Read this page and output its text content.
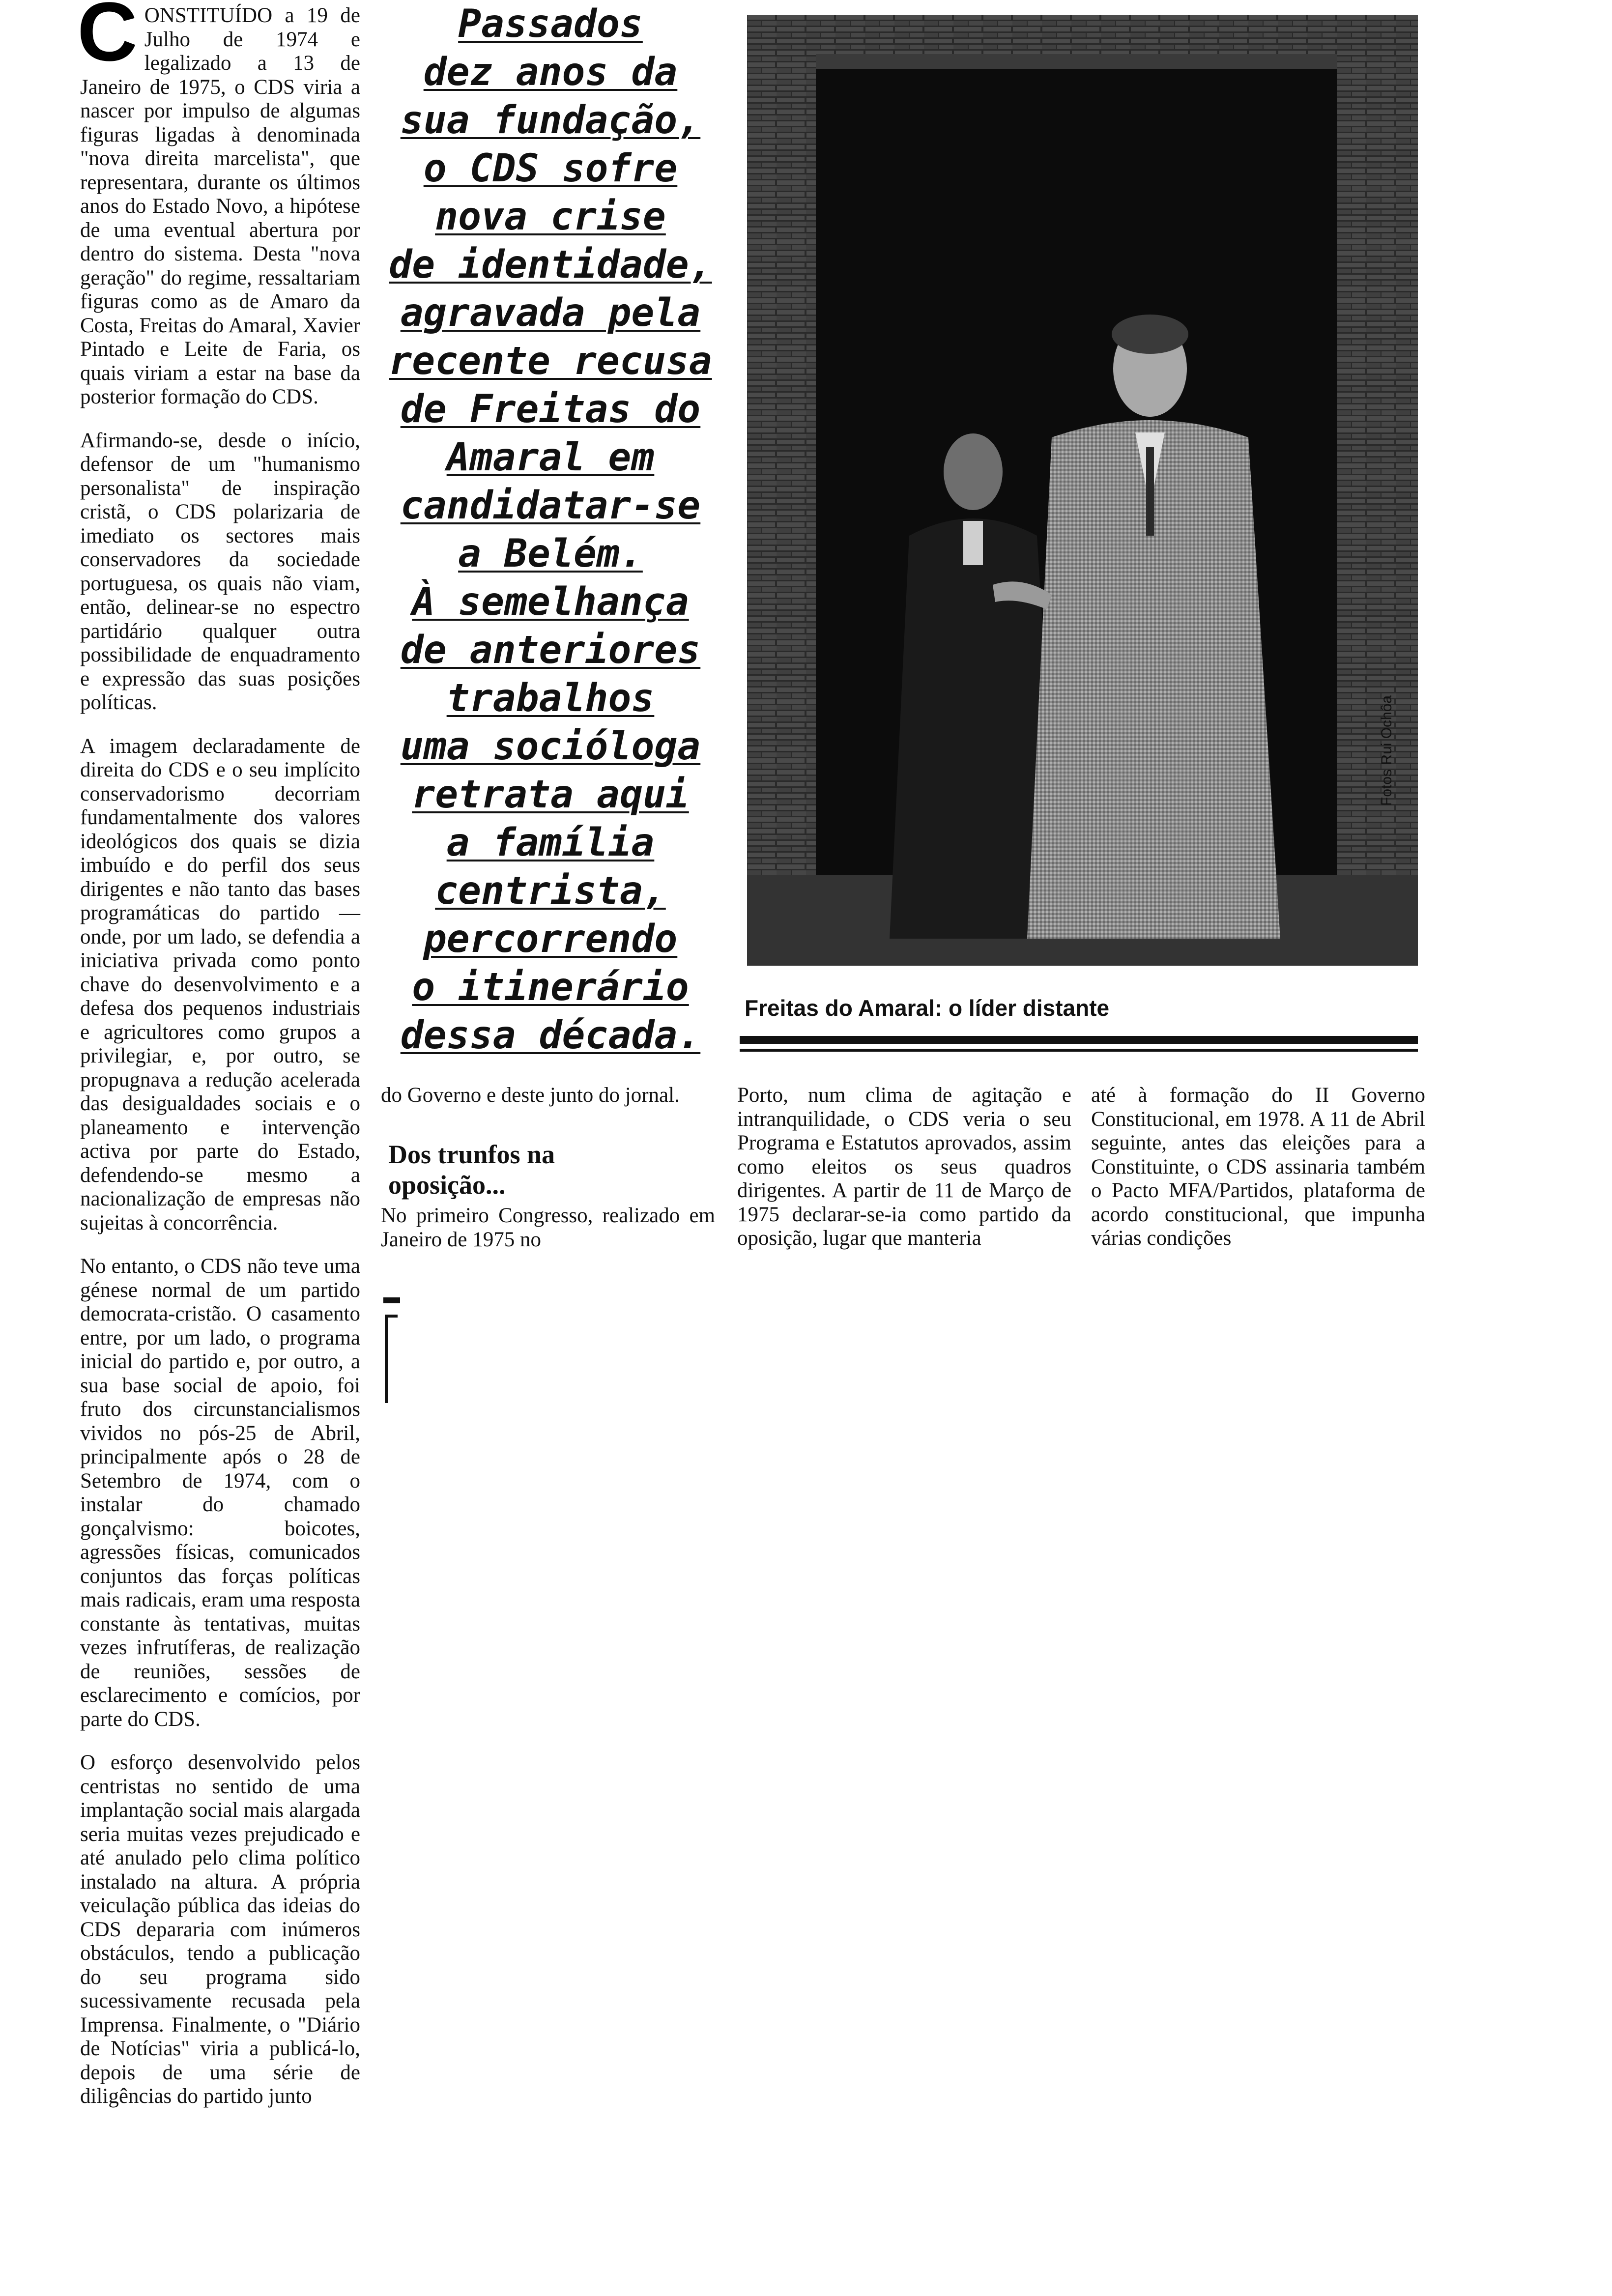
CONSTITUÍDO a 19 de Julho de 1974 e legalizado a 13 de Janeiro de 1975, o CDS viria a nascer por impulso de algumas figuras ligadas à denominada "nova direita marcelista", que representara, durante os últimos anos do Estado Novo, a hipótese de uma eventual abertura por dentro do sistema. Desta "nova geração" do regime, ressaltariam figuras como as de Amaro da Costa, Freitas do Amaral, Xavier Pintado e Leite de Faria, os quais viriam a estar na base da posterior formação do CDS.

Afirmando-se, desde o início, defensor de um "humanismo personalista" de inspiração cristã, o CDS polarizaria de imediato os sectores mais conservadores da sociedade portuguesa, os quais não viam, então, delinear-se no espectro partidário qualquer outra possibilidade de enquadramento e expressão das suas posições políticas.

A imagem declaradamente de direita do CDS e o seu implícito conservadorismo decorriam fundamentalmente dos valores ideológicos dos quais se dizia imbuído e do perfil dos seus dirigentes e não tanto das bases programáticas do partido — onde, por um lado, se defendia a iniciativa privada como ponto chave do desenvolvimento e a defesa dos pequenos industriais e agricultores como grupos a privilegiar, e, por outro, se propugnava a redução acelerada das desigualdades sociais e o planeamento e intervenção activa por parte do Estado, defendendo-se mesmo a nacionalização de empresas não sujeitas à concorrência.

No entanto, o CDS não teve uma génese normal de um partido democrata-cristão. O casamento entre, por um lado, o programa inicial do partido e, por outro, a sua base social de apoio, foi fruto dos circunstancialismos vividos no pós-25 de Abril, principalmente após o 28 de Setembro de 1974, com o instalar do chamado gonçalvismo: boicotes, agressões físicas, comunicados conjuntos das forças políticas mais radicais, eram uma resposta constante às tentativas, muitas vezes infrutíferas, de realização de reuniões, sessões de esclarecimento e comícios, por parte do CDS.

O esforço desenvolvido pelos centristas no sentido de uma implantação social mais alargada seria muitas vezes prejudicado e até anulado pelo clima político instalado na altura. A própria veiculação pública das ideias do CDS depararia com inúmeros obstáculos, tendo a publicação do seu programa sido sucessivamente recusada pela Imprensa. Finalmente, o "Diário de Notícias" viria a publicá-lo, depois de uma série de diligências do partido junto

Passados
dez anos da
sua fundação,
o CDS sofre
nova crise
de identidade,
agravada pela
recente recusa
de Freitas do
Amaral em
candidatar-se
a Belém.
À semelhança
de anteriores
trabalhos
uma socióloga
retrata aqui
a família
centrista,
percorrendo
o itinerário
dessa década.
Fotos Rui Ochôa

Freitas do Amaral: o líder distante

do Governo e deste junto do jornal.

No primeiro Congresso, realizado em Janeiro de 1975 no

Dos trunfos na oposição...

Porto, num clima de agitação e intranquilidade, o CDS veria o seu Programa e Estatutos aprovados, assim como eleitos os seus quadros dirigentes. A partir de 11 de Março de 1975 declarar-se-ia como partido da oposição, lugar que manteria

até à formação do II Governo Constitucional, em 1978. A 11 de Abril seguinte, antes das eleições para a Constituinte, o CDS assinaria também o Pacto MFA/Partidos, plataforma de acordo constitucional, que impunha várias condições
